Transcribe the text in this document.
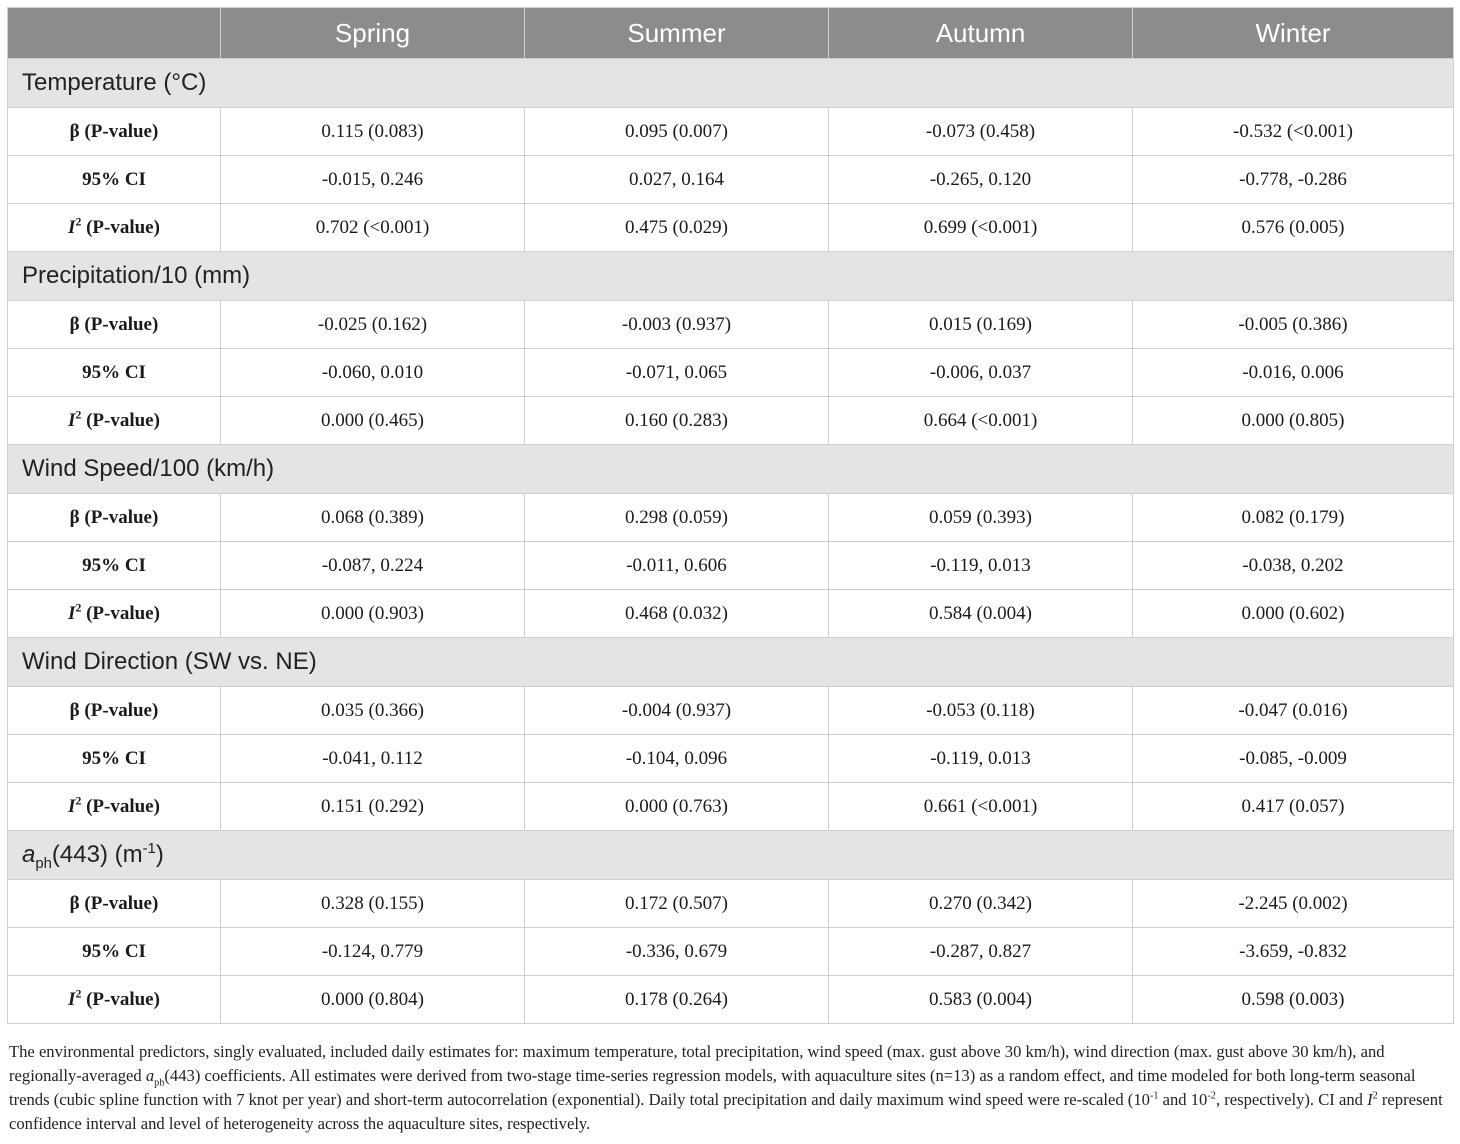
	Spring	Summer	Autumn	Winter
Temperature (°C)				
β (P-value)	0.115 (0.083)	0.095 (0.007)	-0.073 (0.458)	-0.532 (<0.001)
95% CI	-0.015, 0.246	0.027, 0.164	-0.265, 0.120	-0.778, -0.286
$I^2$ (P-value)	0.702 (<0.001)	0.475 (0.029)	0.699 (<0.001)	0.576 (0.005)
Precipitation/10 (mm)				
β (P-value)	-0.025 (0.162)	-0.003 (0.937)	0.015 (0.169)	-0.005 (0.386)
95% CI	-0.060, 0.010	-0.071, 0.065	-0.006, 0.037	-0.016, 0.006
$I^2$ (P-value)	0.000 (0.465)	0.160 (0.283)	0.664 (<0.001)	0.000 (0.805)
Wind Speed/100 (km/h)				
β (P-value)	0.068 (0.389)	0.298 (0.059)	0.059 (0.393)	0.082 (0.179)
95% CI	-0.087, 0.224	-0.011, 0.606	-0.119, 0.013	-0.038, 0.202
$I^2$ (P-value)	0.000 (0.903)	0.468 (0.032)	0.584 (0.004)	0.000 (0.602)
Wind Direction (SW vs. NE)				
β (P-value)	0.035 (0.366)	-0.004 (0.937)	-0.053 (0.118)	-0.047 (0.016)
95% CI	-0.041, 0.112	-0.104, 0.096	-0.119, 0.013	-0.085, -0.009
$I^2$ (P-value)	0.151 (0.292)	0.000 (0.763)	0.661 (<0.001)	0.417 (0.057)
$a_{ph}(443)$ $(m^{-1})$				
β (P-value)	0.328 (0.155)	0.172 (0.507)	0.270 (0.342)	-2.245 (0.002)
95% CI	-0.124, 0.779	-0.336, 0.679	-0.287, 0.827	-3.659, -0.832
$I^2$ (P-value)	0.000 (0.804)	0.178 (0.264)	0.583 (0.004)	0.598 (0.003)
The environmental predictors, singly evaluated, included daily estimates for: maximum temperature, total precipitation, wind speed (max. gust above 30 km/h), wind direction (max. gust above 30 km/h), and regionally-averaged $a_{ph}(443)$ coefficients. All estimates were derived from two-stage time-series regression models, with aquaculture sites (n=13) as a random effect, and time modeled for both long-term seasonal trends (cubic spline function with 7 knot per year) and short-term autocorrelation (exponential). Daily total precipitation and daily maximum wind speed were re-scaled ($10^{-1}$ and $10^{-2}$, respectively). CI and $I^2$ represent confidence interval and level of heterogeneity across the aquaculture sites, respectively.
